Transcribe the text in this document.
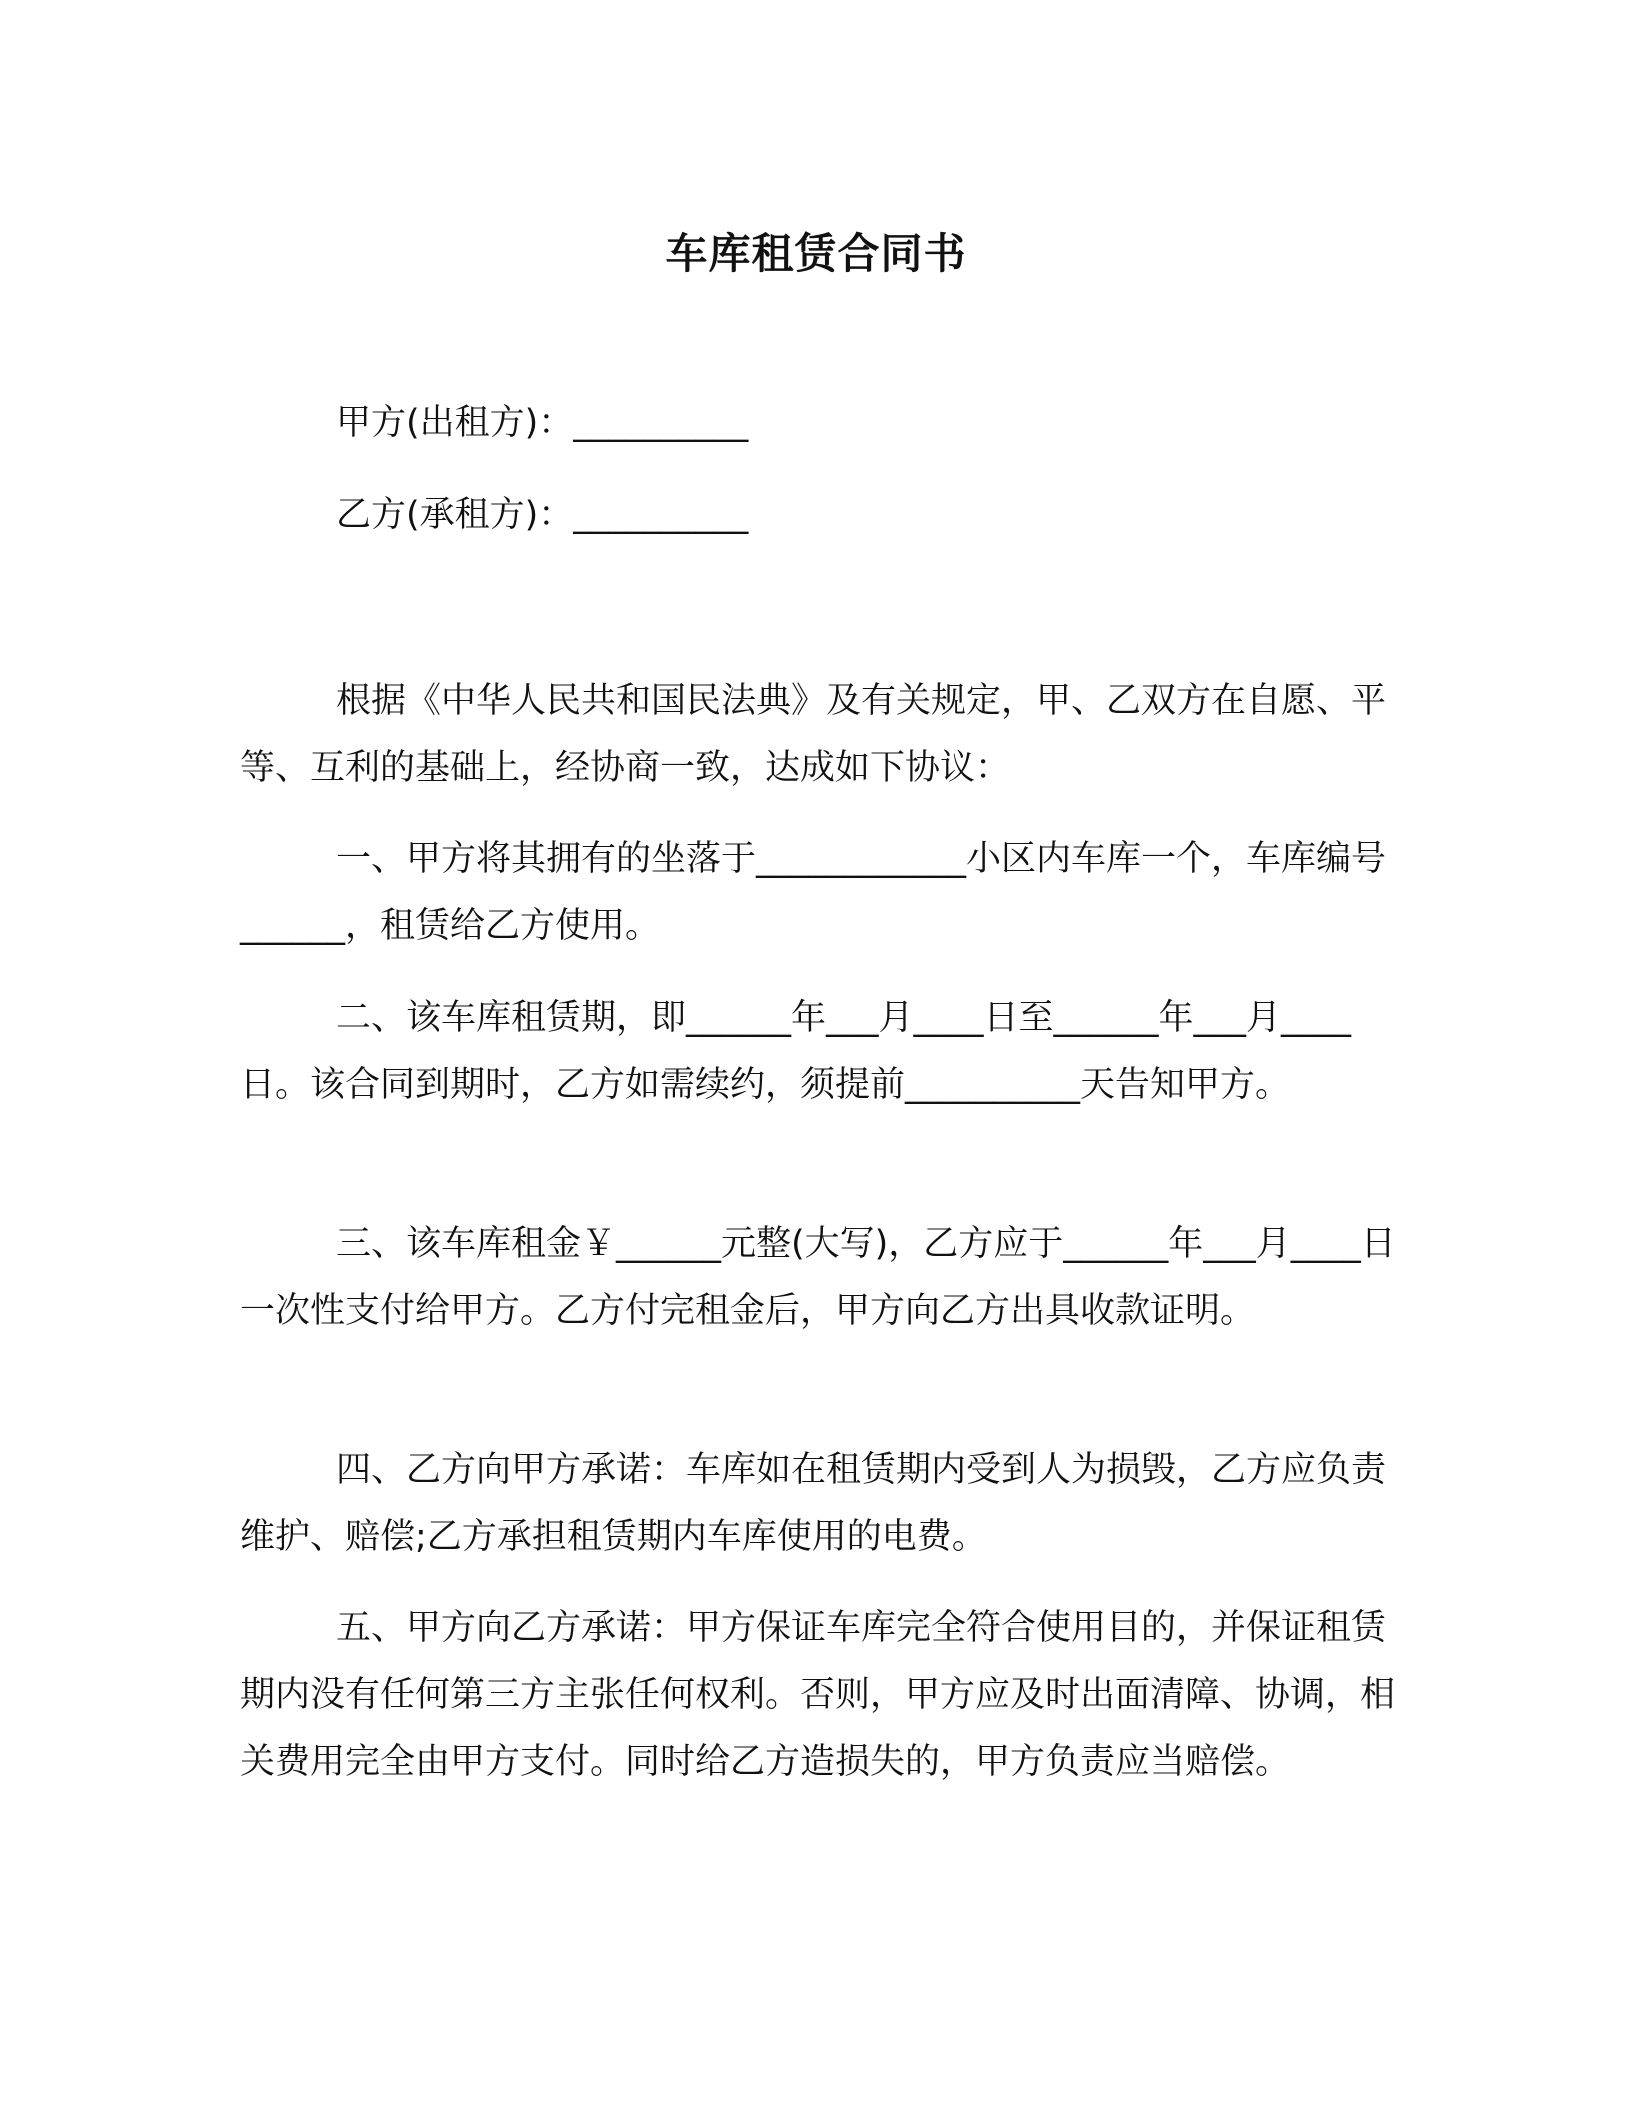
车库租赁合同书
甲方(出租方)：__________
乙方(承租方)：__________

根据《中华人民共和国民法典》及有关规定，甲、乙双方在自愿、平等、互利的基础上，经协商一致，达成如下协议：

一、甲方将其拥有的坐落于____________小区内车库一个，车库编号______，租赁给乙方使用。

二、该车库租赁期，即______年___月____日至______年___月____日。该合同到期时，乙方如需续约，须提前__________天告知甲方。

三、该车库租金￥______元整(大写)，乙方应于______年___月____日一次性支付给甲方。乙方付完租金后，甲方向乙方出具收款证明。

四、乙方向甲方承诺：车库如在租赁期内受到人为损毁，乙方应负责维护、赔偿;乙方承担租赁期内车库使用的电费。

五、甲方向乙方承诺：甲方保证车库完全符合使用目的，并保证租赁期内没有任何第三方主张任何权利。否则，甲方应及时出面清障、协调，相关费用完全由甲方支付。同时给乙方造损失的，甲方负责应当赔偿。
